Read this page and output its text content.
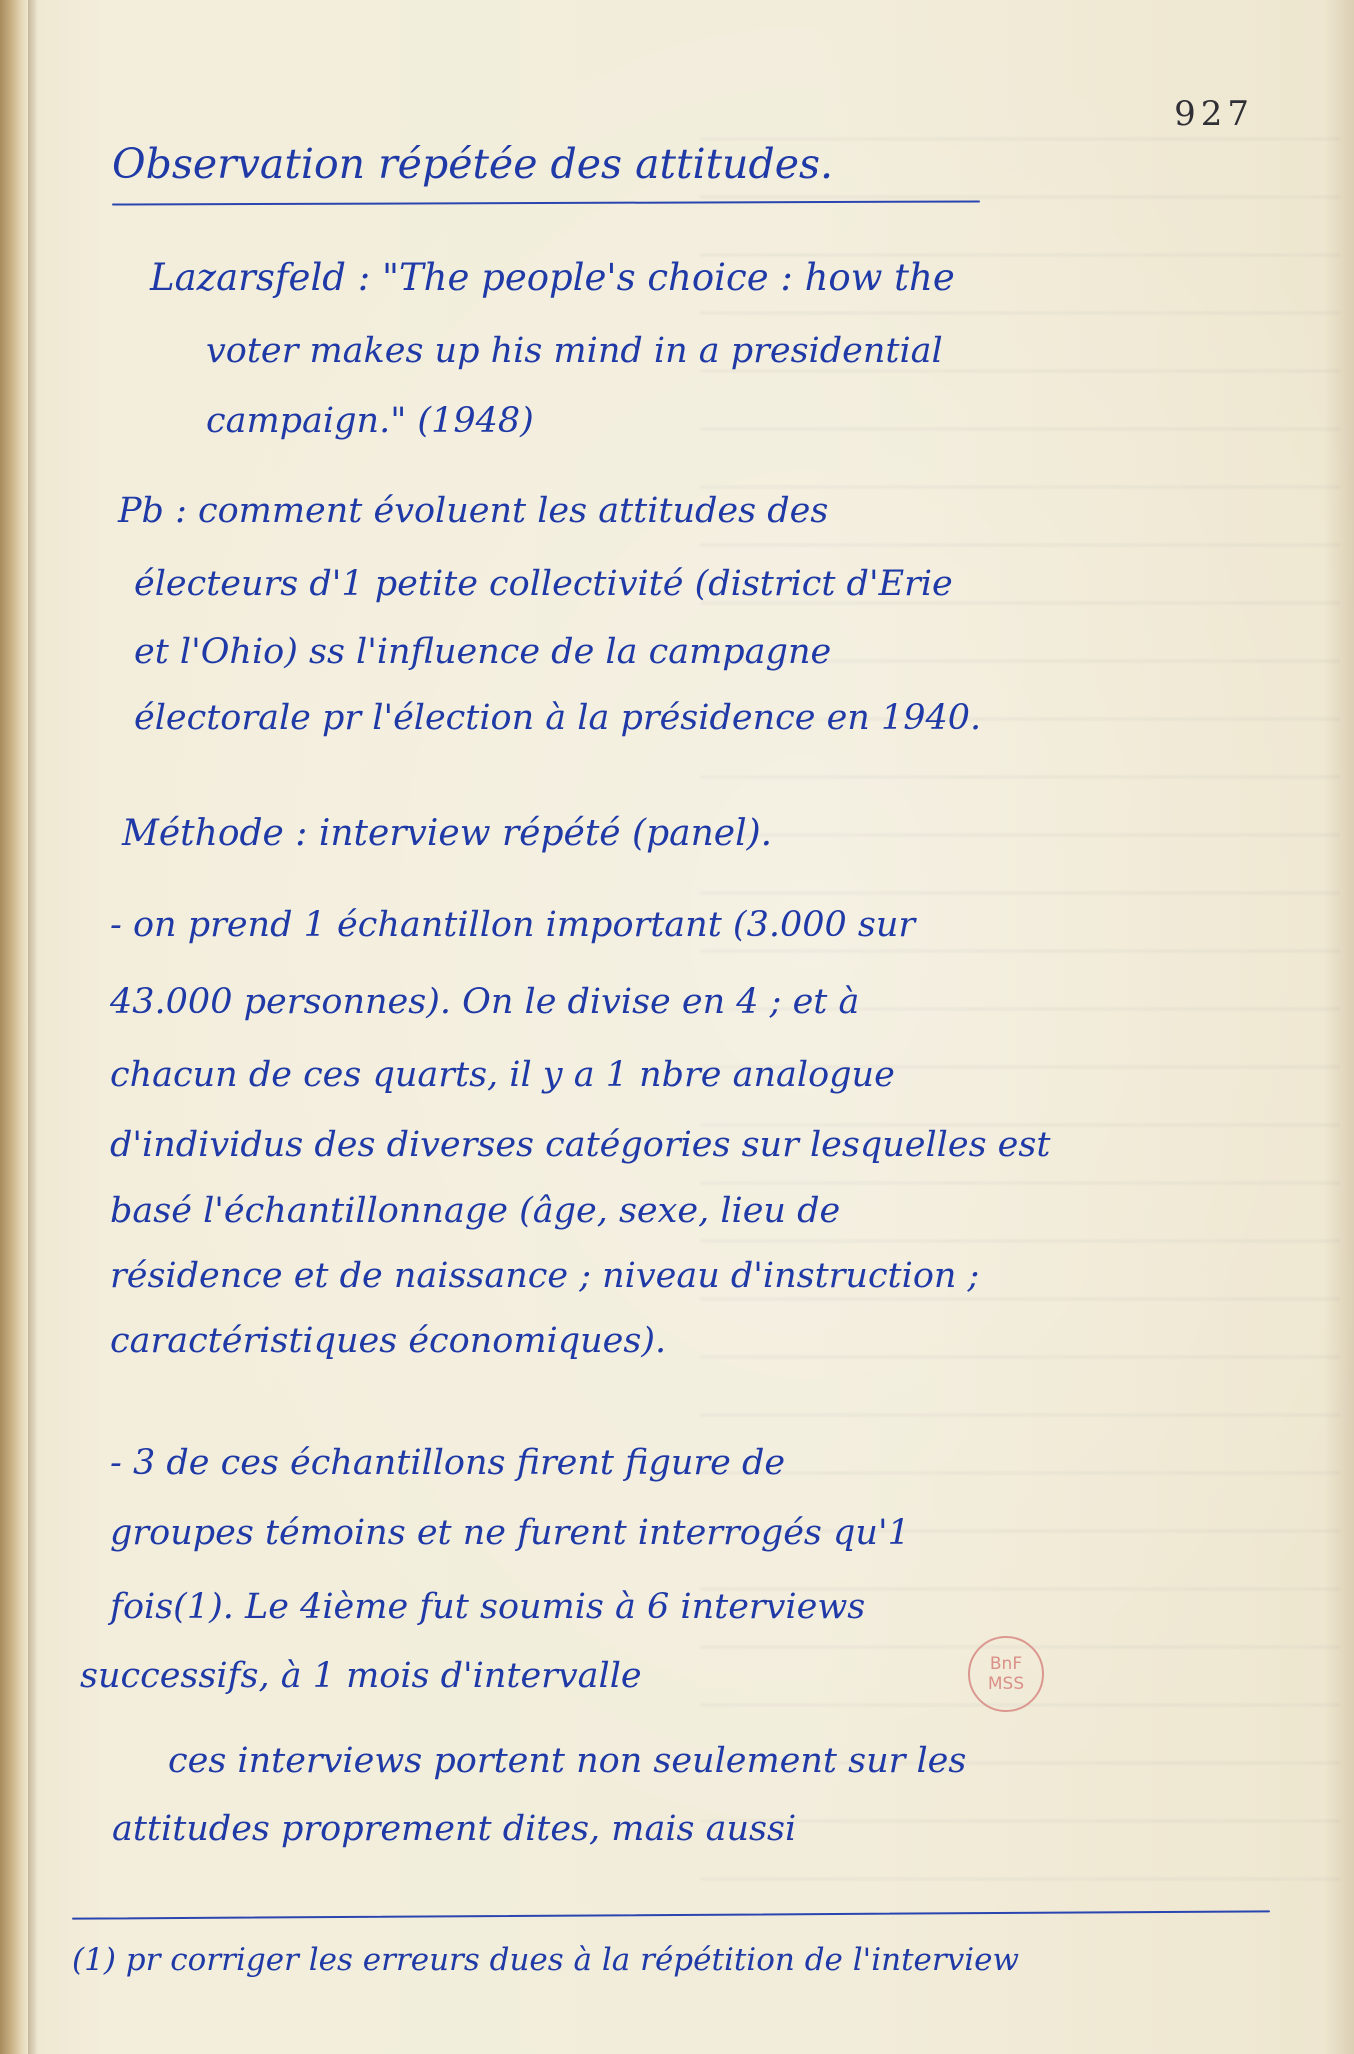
927
Observation répétée des attitudes.
Lazarsfeld : "The people's choice : how the
voter makes up his mind in a presidential
campaign." (1948)
Pb : comment évoluent les attitudes des
électeurs d'1 petite collectivité (district d'Erie
et l'Ohio) ss l'influence de la campagne
électorale pr l'élection à la présidence en 1940.
Méthode : interview répété (panel).
- on prend 1 échantillon important (3.000 sur
43.000 personnes). On le divise en 4 ; et à
chacun de ces quarts, il y a 1 nbre analogue
d'individus des diverses catégories sur lesquelles est
basé l'échantillonnage (âge, sexe, lieu de
résidence et de naissance ; niveau d'instruction ;
caractéristiques économiques).
- 3 de ces échantillons firent figure de
groupes témoins et ne furent interrogés qu'1
fois(1). Le 4ième fut soumis à 6 interviews
successifs, à 1 mois d'intervalle
ces interviews portent non seulement sur les
attitudes proprement dites, mais aussi
BnF
MSS
(1) pr corriger les erreurs dues à la répétition de l'interview
